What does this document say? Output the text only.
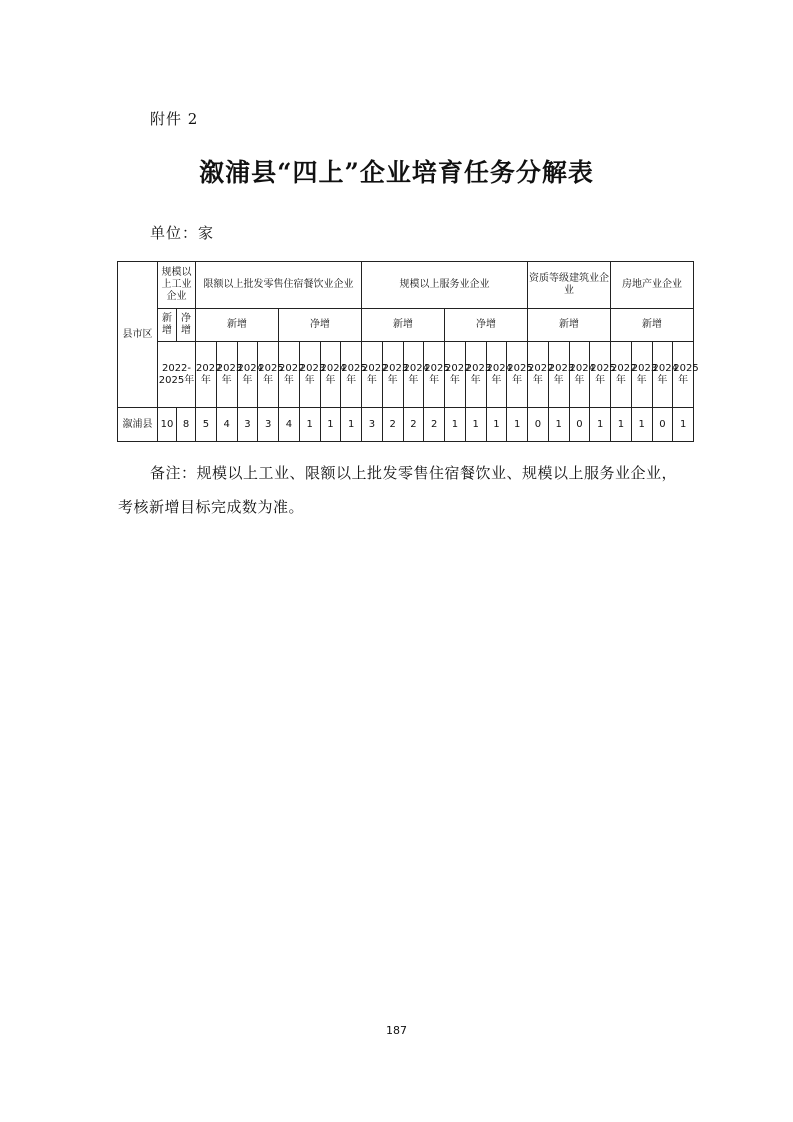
附件 2
溆浦县“四上”企业培育任务分解表
单位：家
县市区	规模以上工业企业		限额以上批发零售住宿餐饮业企业								规模以上服务业企业								资质等级建筑业企业				房地产业企业			
	新增	净增	新增				净增				新增				净增				新增				新增			
	2022-2025年		2022年	2023年	2024年	2025年	2022年	2023年	2024年	2025年	2022年	2023年	2024年	2025年	2022年	2023年	2024年	2025年	2022年	2023年	2024年	2025年	2022年	2023年	2024年	2025年
溆浦县	10	8	5	4	3	3	4	1	1	1	3	2	2	2	1	1	1	1	0	1	0	1	1	1	0	1
备注：规模以上工业、限额以上批发零售住宿餐饮业、规模以上服务业企业，考核新增目标完成数为准。
187
